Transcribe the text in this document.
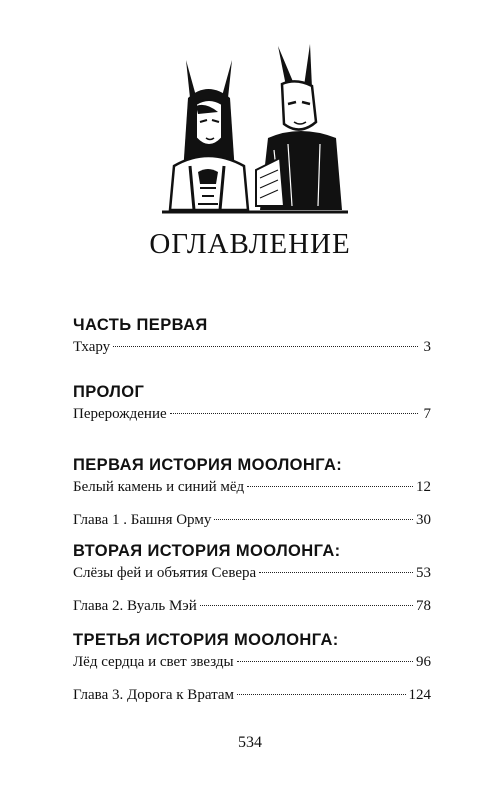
ОГЛАВЛЕНИЕ
ЧАСТЬ ПЕРВАЯ
Тхару	3
ПРОЛОГ
Перерождение	7
ПЕРВАЯ ИСТОРИЯ МООЛОНГА:
Белый камень и синий мёд	12
Глава 1 . Башня Орму	30
ВТОРАЯ ИСТОРИЯ МООЛОНГА:
Слёзы фей и объятия Севера	53
Глава 2. Вуаль Мэй	78
ТРЕТЬЯ ИСТОРИЯ МООЛОНГА:
Лёд сердца и свет звезды	96
Глава 3. Дорога к Вратам	124
534
